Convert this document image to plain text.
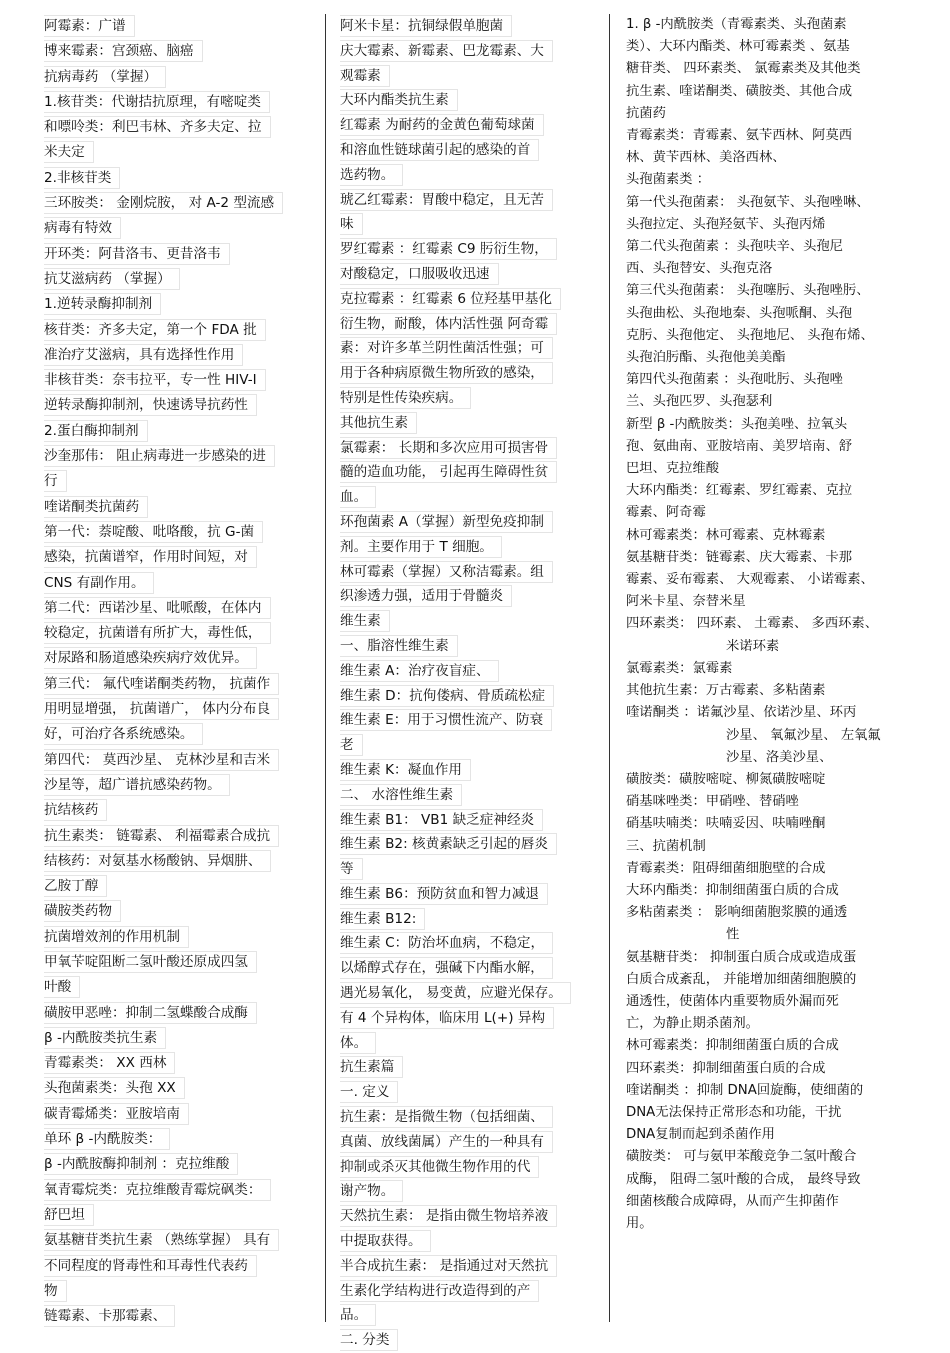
阿霉素：广谱
博来霉素：宫颈癌、脑癌
抗病毒药 （掌握）
1.核苷类：代谢拮抗原理，有嘧啶类
和嘌呤类：利巴韦林、齐多夫定、拉
米夫定
2.非核苷类
三环胺类： 金刚烷胺， 对 A-2 型流感
病毒有特效
开环类：阿昔洛韦、更昔洛韦
抗艾滋病药 （掌握）
1.逆转录酶抑制剂
核苷类：齐多夫定，第一个 FDA 批
准治疗艾滋病，具有选择性作用
非核苷类：奈韦拉平，专一性 HIV-I
逆转录酶抑制剂，快速诱导抗药性
2.蛋白酶抑制剂
沙奎那伟： 阻止病毒进一步感染的进
行
喹诺酮类抗菌药
第一代：萘啶酸、吡咯酸，抗 G-菌
感染，抗菌谱窄，作用时间短，对
CNS 有副作用。
第二代：西诺沙星、吡哌酸，在体内
较稳定，抗菌谱有所扩大，毒性低，
对尿路和肠道感染疾病疗效优异。
第三代： 氟代喹诺酮类药物， 抗菌作
用明显增强， 抗菌谱广， 体内分布良
好，可治疗各系统感染。
第四代： 莫西沙星、 克林沙星和吉米
沙星等，超广谱抗感染药物。
抗结核药
抗生素类： 链霉素、 利福霉素合成抗
结核药：对氨基水杨酸钠、异烟肼、
乙胺丁醇
磺胺类药物
抗菌增效剂的作用机制
甲氧苄啶阻断二氢叶酸还原成四氢
叶酸
磺胺甲恶唑：抑制二氢蝶酸合成酶
β -内酰胺类抗生素
青霉素类： XX 西林
头孢菌素类：头孢 XX
碳青霉烯类：亚胺培南
单环 β -内酰胺类：
β -内酰胺酶抑制剂 ：克拉维酸
氧青霉烷类：克拉维酸青霉烷砜类：
舒巴坦
氨基糖苷类抗生素 （熟练掌握） 具有
不同程度的肾毒性和耳毒性代表药
物
链霉素、卡那霉素、
阿米卡星：抗铜绿假单胞菌
庆大霉素、新霉素、巴龙霉素、大
观霉素
大环内酯类抗生素
红霉素 为耐药的金黄色葡萄球菌
和溶血性链球菌引起的感染的首
选药物。
琥乙红霉素：胃酸中稳定，且无苦
味
罗红霉素 ：红霉素 C9 肟衍生物，
对酸稳定，口服吸收迅速
克拉霉素 ：红霉素 6 位羟基甲基化
衍生物，耐酸，体内活性强 阿奇霉
素：对许多革兰阴性菌活性强；可
用于各种病原微生物所致的感染，
特别是性传染疾病。
其他抗生素
氯霉素： 长期和多次应用可损害骨
髓的造血功能， 引起再生障碍性贫
血。
环孢菌素 A（掌握）新型免疫抑制
剂。主要作用于 T 细胞。
林可霉素（掌握）又称洁霉素。组
织渗透力强，适用于骨髓炎
维生素
一、脂溶性维生素
维生素 A：治疗夜盲症、
维生素 D：抗佝偻病、骨质疏松症
维生素 E：用于习惯性流产、防衰
老
维生素 K：凝血作用
二、 水溶性维生素
维生素 B1： VB1 缺乏症神经炎
维生素 B2: 核黄素缺乏引起的唇炎
等
维生素 B6：预防贫血和智力减退
维生素 B12:
维生素 C：防治坏血病，不稳定，
以烯醇式存在，强碱下内酯水解，
遇光易氧化， 易变黄，应避光保存。
有 4 个异构体，临床用 L(+) 异构
体。
抗生素篇
一. 定义
抗生素：是指微生物（包括细菌、
真菌、放线菌属）产生的一种具有
抑制或杀灭其他微生物作用的代
谢产物。
天然抗生素： 是指由微生物培养液
中提取获得。
半合成抗生素： 是指通过对天然抗
生素化学结构进行改造得到的产
品。
二. 分类
1. β -内酰胺类（青霉素类、头孢菌素
类）、大环内酯类、林可霉素类 、氨基
糖苷类、 四环素类、 氯霉素类及其他类
抗生素、喹诺酮类、磺胺类、其他合成
抗菌药
青霉素类：青霉素、氨苄西林、阿莫西
林、黄苄西林、美洛西林、
头孢菌素类 ：
第一代头孢菌素： 头孢氨苄、头孢唑啉、
头孢拉定、头孢羟氨苄、头孢丙烯
第二代头孢菌素 ：头孢呋辛、头孢尼
西、头孢替安、头孢克洛
第三代头孢菌素： 头孢噻肟、头孢唑肟、
头孢曲松、头孢地秦、头孢哌酮、头孢
克肟、头孢他定、 头孢地尼、 头孢布烯、
头孢泊肟酯、头孢他美美酯
第四代头孢菌素 ：头孢吡肟、头孢唑
兰、头孢匹罗、头孢瑟利
新型 β -内酰胺类：头孢美唑、拉氧头
孢、氨曲南、亚胺培南、美罗培南、舒
巴坦、克拉维酸
大环内酯类：红霉素、罗红霉素、克拉
霉素、阿奇霉
林可霉素类：林可霉素、克林霉素
氨基糖苷类：链霉素、庆大霉素、卡那
霉素、妥布霉素、 大观霉素、 小诺霉素、
阿米卡星、奈替米星
四环素类： 四环素、 土霉素、 多西环素、
米诺环素
氯霉素类：氯霉素
其他抗生素：万古霉素、多粘菌素
喹诺酮类 ：诺氟沙星、依诺沙星、环丙
沙星、 氧氟沙星、 左氧氟
沙星、洛美沙星、
磺胺类：磺胺嘧啶、柳氮磺胺嘧啶
硝基咪唑类：甲硝唑、替硝唑
硝基呋喃类：呋喃妥因、呋喃唑酮
三、抗菌机制
青霉素类：阻碍细菌细胞壁的合成
大环内酯类：抑制细菌蛋白质的合成
多粘菌素类 ： 影响细菌胞浆膜的通透
性
氨基糖苷类： 抑制蛋白质合成或造成蛋
白质合成紊乱， 并能增加细菌细胞膜的
通透性，使菌体内重要物质外漏而死
亡，为静止期杀菌剂。
林可霉素类：抑制细菌蛋白质的合成
四环素类：抑制细菌蛋白质的合成
喹诺酮类 ：抑制 DNA回旋酶，使细菌的
DNA无法保持正常形态和功能，干扰
DNA复制而起到杀菌作用
磺胺类： 可与氨甲苯酸竞争二氢叶酸合
成酶， 阻碍二氢叶酸的合成， 最终导致
细菌核酸合成障碍，从而产生抑菌作
用。
